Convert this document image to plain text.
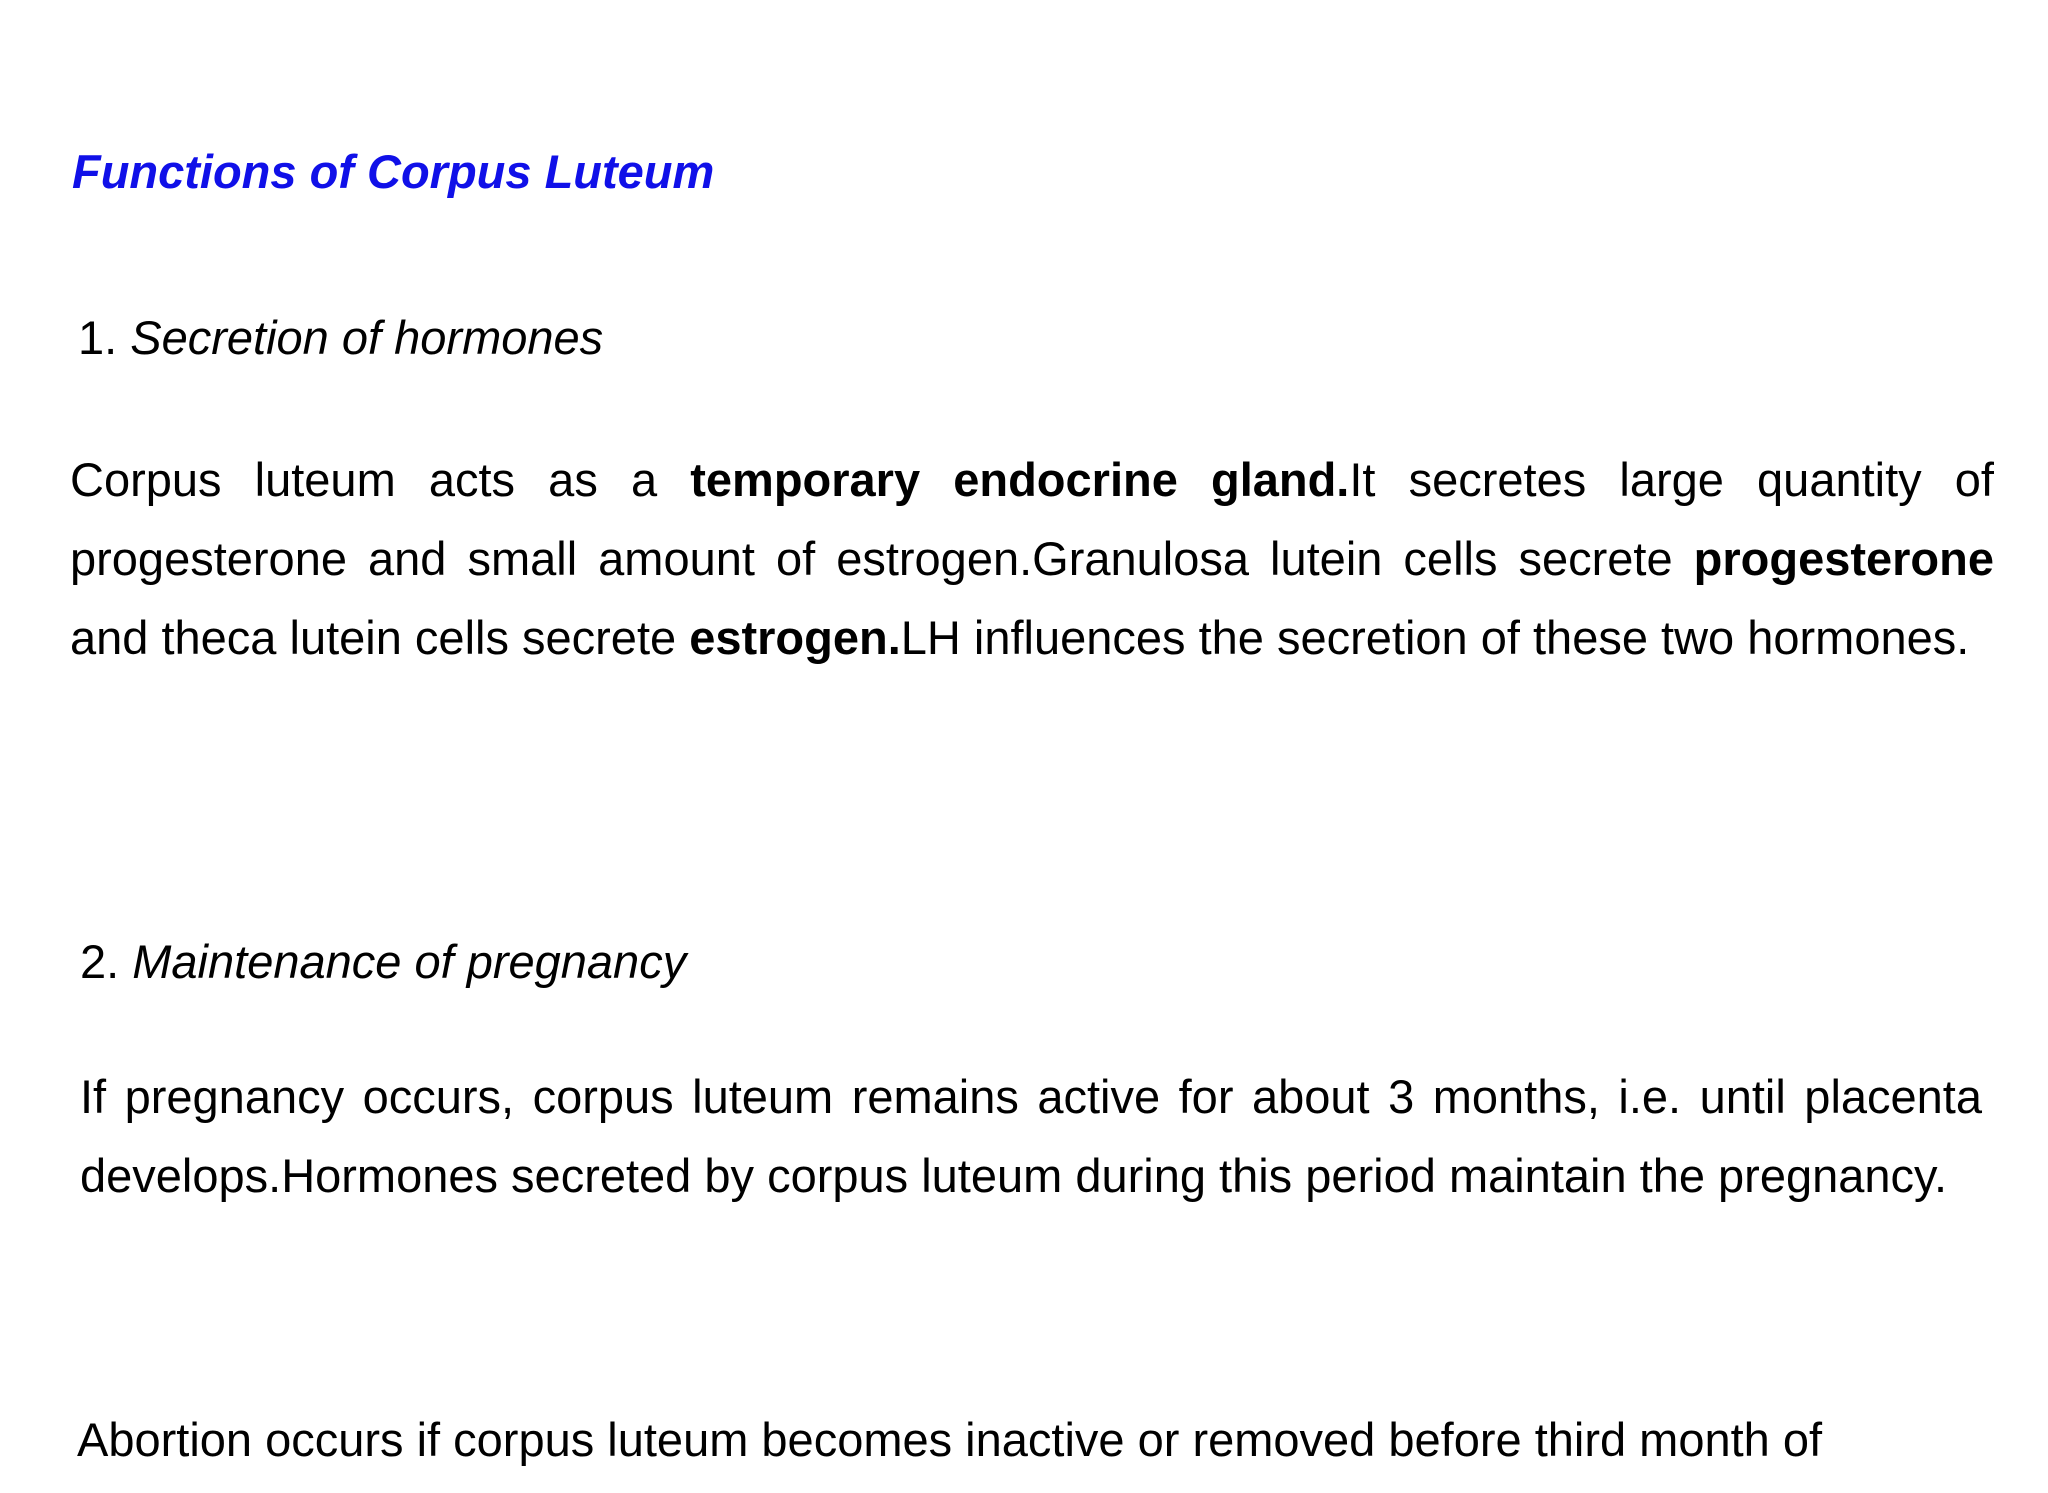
Functions of Corpus Luteum
1. Secretion of hormones

Corpus luteum acts as a temporary endocrine gland.It secretes large quantity of progesterone and small amount of estrogen.Granulosa lutein cells secrete progesterone and theca lutein cells secrete estrogen.LH influences the secretion of these two hormones.

2. Maintenance of pregnancy

If pregnancy occurs, corpus luteum remains active for about 3 months, i.e. until placenta develops.Hormones secreted by corpus luteum during this period maintain the pregnancy.

Abortion occurs if corpus luteum becomes inactive or removed before third month of
